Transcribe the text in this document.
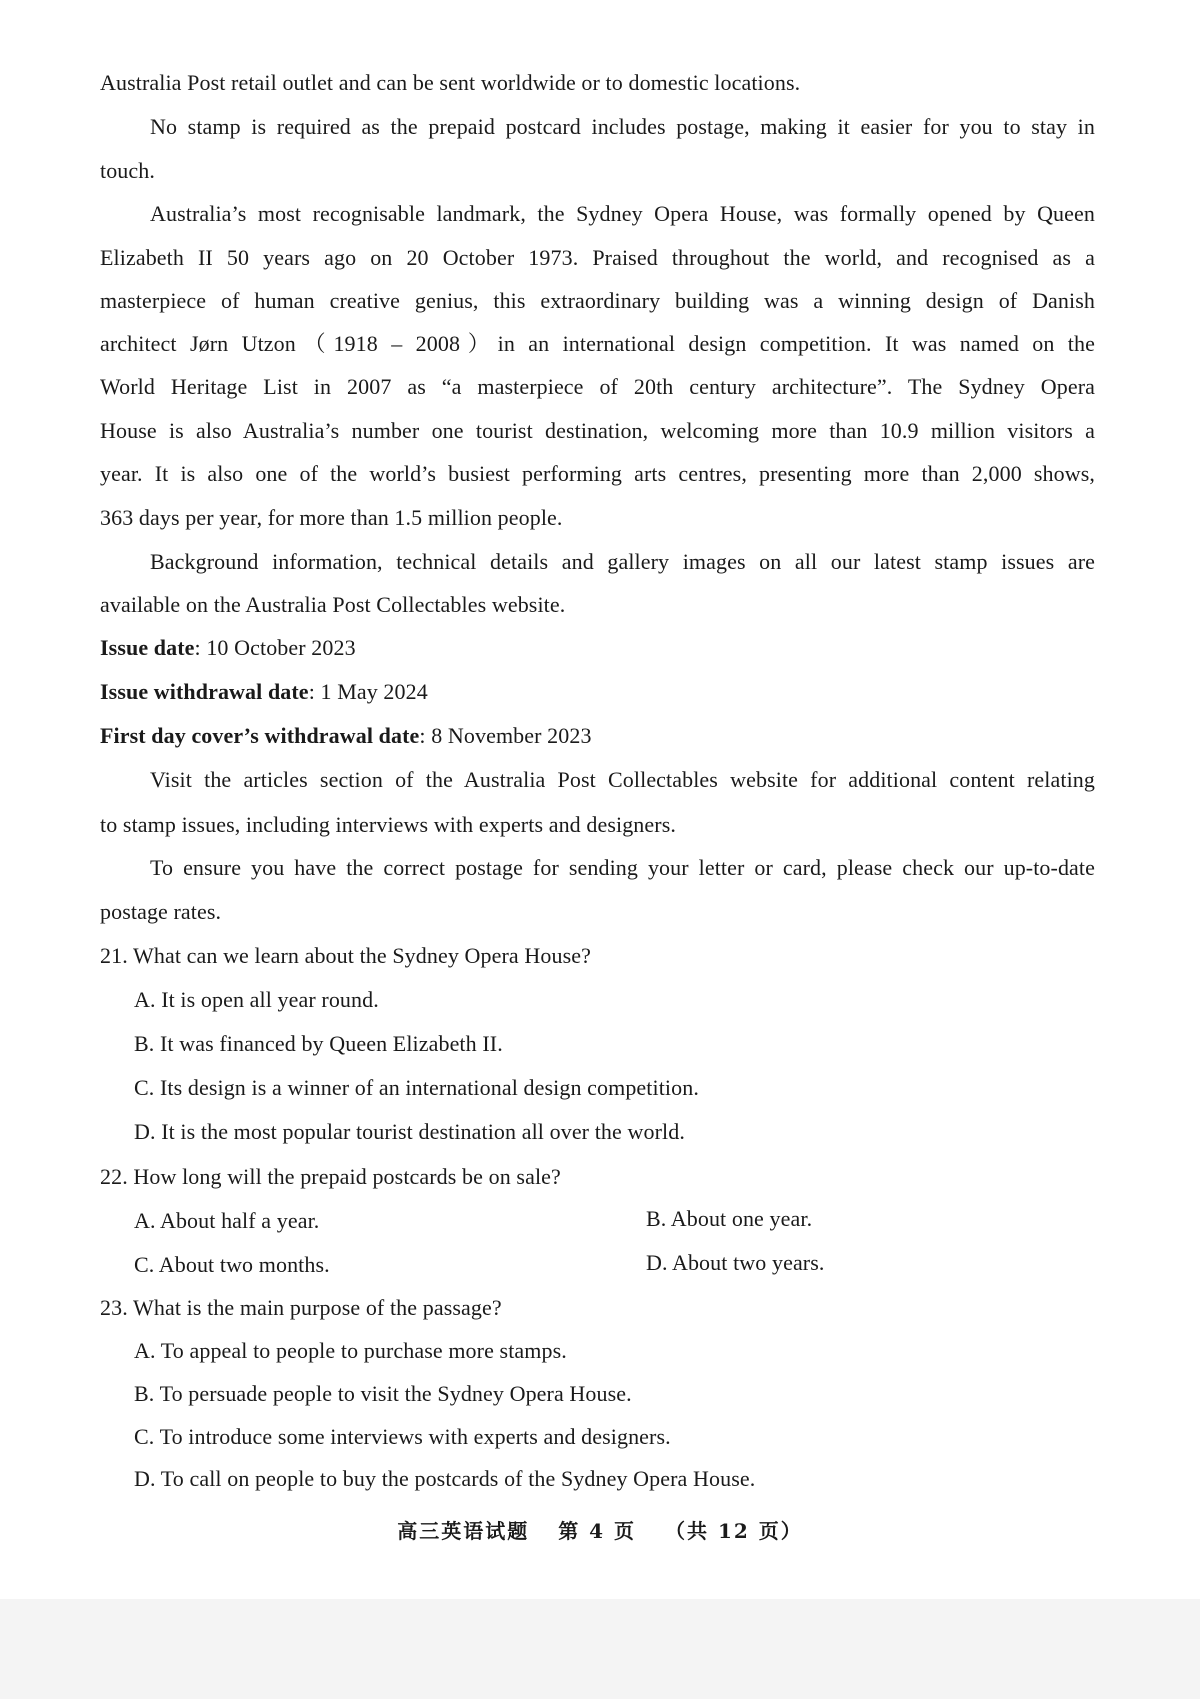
Australia Post retail outlet and can be sent worldwide or to domestic locations.
No stamp is required as the prepaid postcard includes postage, making it easier for you to stay in
touch.
Australia’s most recognisable landmark, the Sydney Opera House, was formally opened by Queen
Elizabeth II 50 years ago on 20 October 1973. Praised throughout the world, and recognised as a
masterpiece of human creative genius, this extraordinary building was a winning design of Danish
architect Jørn Utzon（1918 – 2008）in an international design competition. It was named on the
World Heritage List in 2007 as “a masterpiece of 20th century architecture”. The Sydney Opera
House is also Australia’s number one tourist destination, welcoming more than 10.9 million visitors a
year. It is also one of the world’s busiest performing arts centres, presenting more than 2,000 shows,
363 days per year, for more than 1.5 million people.
Background information, technical details and gallery images on all our latest stamp issues are
available on the Australia Post Collectables website.
Issue date: 10 October 2023
Issue withdrawal date: 1 May 2024
First day cover’s withdrawal date: 8 November 2023
Visit the articles section of the Australia Post Collectables website for additional content relating
to stamp issues, including interviews with experts and designers.
To ensure you have the correct postage for sending your letter or card, please check our up-to-date
postage rates.
21. What can we learn about the Sydney Opera House?
A. It is open all year round.
B. It was financed by Queen Elizabeth II.
C. Its design is a winner of an international design competition.
D. It is the most popular tourist destination all over the world.
22. How long will the prepaid postcards be on sale?
A. About half a year.	B. About one year.
C. About two months.	D. About two years.
23. What is the main purpose of the passage?
A. To appeal to people to purchase more stamps.
B. To persuade people to visit the Sydney Opera House.
C. To introduce some interviews with experts and designers.
D. To call on people to buy the postcards of the Sydney Opera House.
高三英语试题 第 4 页 （共 12 页）
